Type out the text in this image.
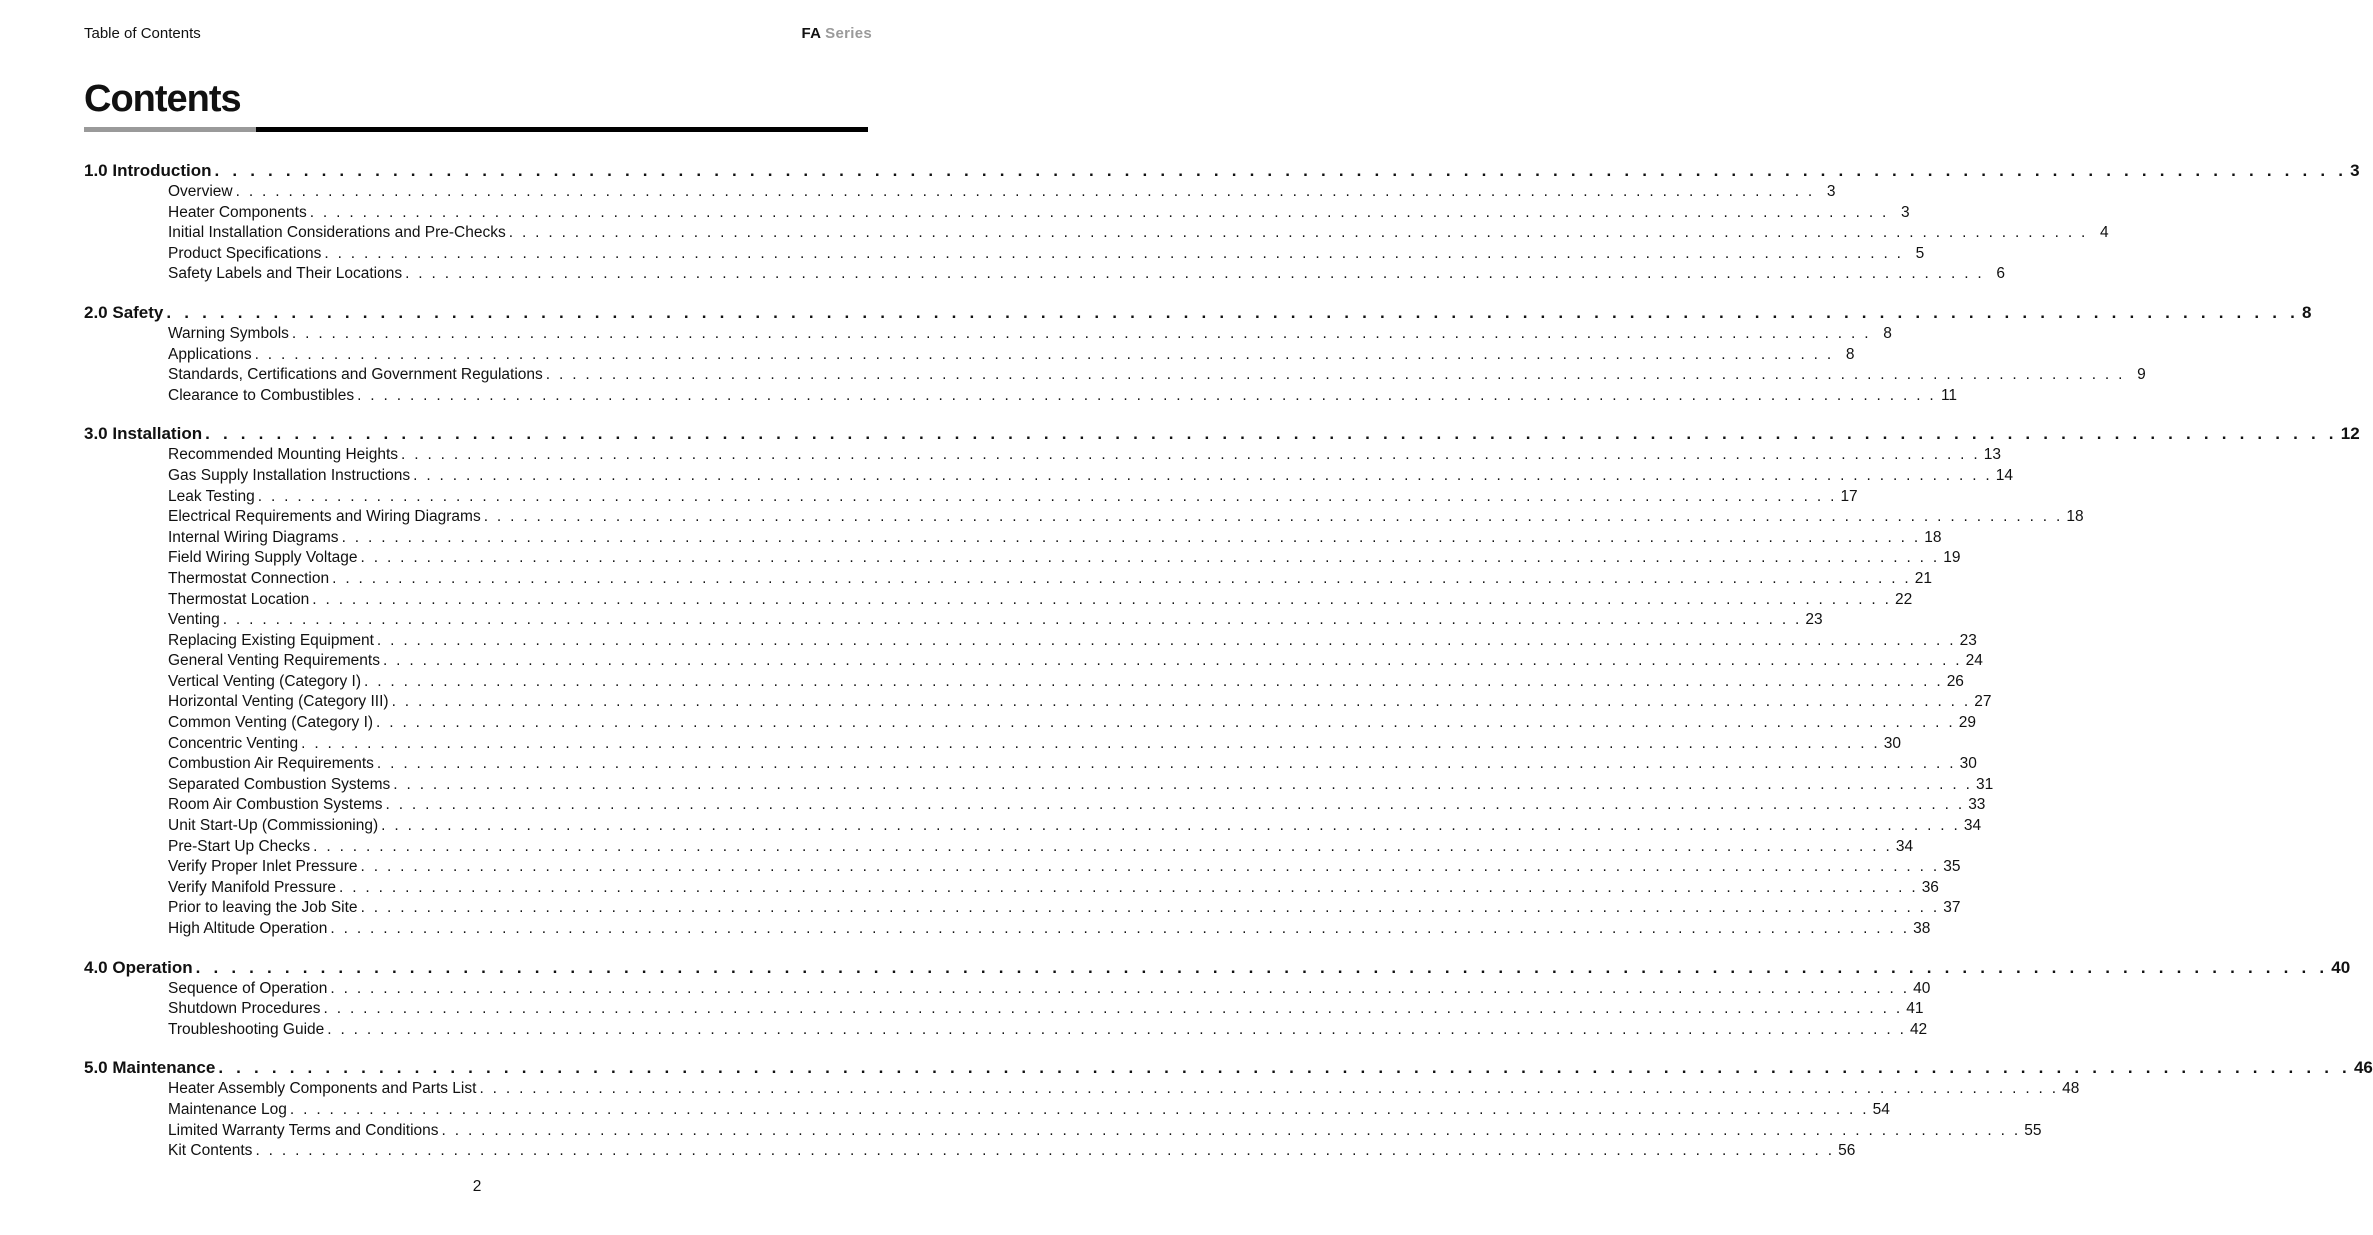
Table of Contents	FA Series
Contents
1.0 Introduction . . . . . . . . . . . . . . . . . . . . . . . . . . . . . . . . . . . . . . . . . . . . . . . . . . . . . . . . . . . . . . . . . . . . . . . . . . . . . . . . . . . . . . . . . . . . . . . . . . . . . . . . . . . . . . . . . . . . . . . . 3
Overview . . . . . . . . . . . . . . . . . . . . . . . . . . . . . . . . . . . . . . . . . . . . . . . . . . . . . . . . . . . . . . . . . . . . . . . . . . . . . . . . . . . . . . . . . . . . . . . . . . . . . . . . . . . . . . . . . . . . . . . . 3
Heater Components . . . . . . . . . . . . . . . . . . . . . . . . . . . . . . . . . . . . . . . . . . . . . . . . . . . . . . . . . . . . . . . . . . . . . . . . . . . . . . . . . . . . . . . . . . . . . . . . . . . . . . . . . . . . . . . . . . . . . . . . 3
Initial Installation Considerations and Pre-Checks . . . . . . . . . . . . . . . . . . . . . . . . . . . . . . . . . . . . . . . . . . . . . . . . . . . . . . . . . . . . . . . . . . . . . . . . . . . . . . . . . . . . . . . . . . . . . . . . . . . . . . . . . . . . . . . . . . . . . . . . 4
Product Specifications . . . . . . . . . . . . . . . . . . . . . . . . . . . . . . . . . . . . . . . . . . . . . . . . . . . . . . . . . . . . . . . . . . . . . . . . . . . . . . . . . . . . . . . . . . . . . . . . . . . . . . . . . . . . . . . . . . . . . . . . 5
Safety Labels and Their Locations . . . . . . . . . . . . . . . . . . . . . . . . . . . . . . . . . . . . . . . . . . . . . . . . . . . . . . . . . . . . . . . . . . . . . . . . . . . . . . . . . . . . . . . . . . . . . . . . . . . . . . . . . . . . . . . . . . . . . . . . 6
2.0 Safety . . . . . . . . . . . . . . . . . . . . . . . . . . . . . . . . . . . . . . . . . . . . . . . . . . . . . . . . . . . . . . . . . . . . . . . . . . . . . . . . . . . . . . . . . . . . . . . . . . . . . . . . . . . . . . . . . . . . . . . . 8
Warning Symbols . . . . . . . . . . . . . . . . . . . . . . . . . . . . . . . . . . . . . . . . . . . . . . . . . . . . . . . . . . . . . . . . . . . . . . . . . . . . . . . . . . . . . . . . . . . . . . . . . . . . . . . . . . . . . . . . . . . . . . . . 8
Applications . . . . . . . . . . . . . . . . . . . . . . . . . . . . . . . . . . . . . . . . . . . . . . . . . . . . . . . . . . . . . . . . . . . . . . . . . . . . . . . . . . . . . . . . . . . . . . . . . . . . . . . . . . . . . . . . . . . . . . . . 8
Standards, Certifications and Government Regulations . . . . . . . . . . . . . . . . . . . . . . . . . . . . . . . . . . . . . . . . . . . . . . . . . . . . . . . . . . . . . . . . . . . . . . . . . . . . . . . . . . . . . . . . . . . . . . . . . . . . . . . . . . . . . . . . . . . . . . . . 9
Clearance to Combustibles . . . . . . . . . . . . . . . . . . . . . . . . . . . . . . . . . . . . . . . . . . . . . . . . . . . . . . . . . . . . . . . . . . . . . . . . . . . . . . . . . . . . . . . . . . . . . . . . . . . . . . . . . . . . . . . . . . . . . . . . 11
3.0 Installation . . . . . . . . . . . . . . . . . . . . . . . . . . . . . . . . . . . . . . . . . . . . . . . . . . . . . . . . . . . . . . . . . . . . . . . . . . . . . . . . . . . . . . . . . . . . . . . . . . . . . . . . . . . . . . . . . . . . . . . . 12
Recommended Mounting Heights . . . . . . . . . . . . . . . . . . . . . . . . . . . . . . . . . . . . . . . . . . . . . . . . . . . . . . . . . . . . . . . . . . . . . . . . . . . . . . . . . . . . . . . . . . . . . . . . . . . . . . . . . . . . . . . . . . . . . . . . 13
Gas Supply Installation Instructions . . . . . . . . . . . . . . . . . . . . . . . . . . . . . . . . . . . . . . . . . . . . . . . . . . . . . . . . . . . . . . . . . . . . . . . . . . . . . . . . . . . . . . . . . . . . . . . . . . . . . . . . . . . . . . . . . . . . . . . . 14
Leak Testing . . . . . . . . . . . . . . . . . . . . . . . . . . . . . . . . . . . . . . . . . . . . . . . . . . . . . . . . . . . . . . . . . . . . . . . . . . . . . . . . . . . . . . . . . . . . . . . . . . . . . . . . . . . . . . . . . . . . . . . . 17
Electrical Requirements and Wiring Diagrams . . . . . . . . . . . . . . . . . . . . . . . . . . . . . . . . . . . . . . . . . . . . . . . . . . . . . . . . . . . . . . . . . . . . . . . . . . . . . . . . . . . . . . . . . . . . . . . . . . . . . . . . . . . . . . . . . . . . . . . . 18
Internal Wiring Diagrams . . . . . . . . . . . . . . . . . . . . . . . . . . . . . . . . . . . . . . . . . . . . . . . . . . . . . . . . . . . . . . . . . . . . . . . . . . . . . . . . . . . . . . . . . . . . . . . . . . . . . . . . . . . . . . . . . . . . . . . . 18
Field Wiring Supply Voltage . . . . . . . . . . . . . . . . . . . . . . . . . . . . . . . . . . . . . . . . . . . . . . . . . . . . . . . . . . . . . . . . . . . . . . . . . . . . . . . . . . . . . . . . . . . . . . . . . . . . . . . . . . . . . . . . . . . . . . . . 19
Thermostat Connection . . . . . . . . . . . . . . . . . . . . . . . . . . . . . . . . . . . . . . . . . . . . . . . . . . . . . . . . . . . . . . . . . . . . . . . . . . . . . . . . . . . . . . . . . . . . . . . . . . . . . . . . . . . . . . . . . . . . . . . . 21
Thermostat Location . . . . . . . . . . . . . . . . . . . . . . . . . . . . . . . . . . . . . . . . . . . . . . . . . . . . . . . . . . . . . . . . . . . . . . . . . . . . . . . . . . . . . . . . . . . . . . . . . . . . . . . . . . . . . . . . . . . . . . . . 22
Venting . . . . . . . . . . . . . . . . . . . . . . . . . . . . . . . . . . . . . . . . . . . . . . . . . . . . . . . . . . . . . . . . . . . . . . . . . . . . . . . . . . . . . . . . . . . . . . . . . . . . . . . . . . . . . . . . . . . . . . . . 23
Replacing Existing Equipment . . . . . . . . . . . . . . . . . . . . . . . . . . . . . . . . . . . . . . . . . . . . . . . . . . . . . . . . . . . . . . . . . . . . . . . . . . . . . . . . . . . . . . . . . . . . . . . . . . . . . . . . . . . . . . . . . . . . . . . . 23
General Venting Requirements . . . . . . . . . . . . . . . . . . . . . . . . . . . . . . . . . . . . . . . . . . . . . . . . . . . . . . . . . . . . . . . . . . . . . . . . . . . . . . . . . . . . . . . . . . . . . . . . . . . . . . . . . . . . . . . . . . . . . . . . 24
Vertical Venting (Category I) . . . . . . . . . . . . . . . . . . . . . . . . . . . . . . . . . . . . . . . . . . . . . . . . . . . . . . . . . . . . . . . . . . . . . . . . . . . . . . . . . . . . . . . . . . . . . . . . . . . . . . . . . . . . . . . . . . . . . . . . 26
Horizontal Venting (Category III) . . . . . . . . . . . . . . . . . . . . . . . . . . . . . . . . . . . . . . . . . . . . . . . . . . . . . . . . . . . . . . . . . . . . . . . . . . . . . . . . . . . . . . . . . . . . . . . . . . . . . . . . . . . . . . . . . . . . . . . . 27
Common Venting (Category I) . . . . . . . . . . . . . . . . . . . . . . . . . . . . . . . . . . . . . . . . . . . . . . . . . . . . . . . . . . . . . . . . . . . . . . . . . . . . . . . . . . . . . . . . . . . . . . . . . . . . . . . . . . . . . . . . . . . . . . . . 29
Concentric Venting . . . . . . . . . . . . . . . . . . . . . . . . . . . . . . . . . . . . . . . . . . . . . . . . . . . . . . . . . . . . . . . . . . . . . . . . . . . . . . . . . . . . . . . . . . . . . . . . . . . . . . . . . . . . . . . . . . . . . . . . 30
Combustion Air Requirements . . . . . . . . . . . . . . . . . . . . . . . . . . . . . . . . . . . . . . . . . . . . . . . . . . . . . . . . . . . . . . . . . . . . . . . . . . . . . . . . . . . . . . . . . . . . . . . . . . . . . . . . . . . . . . . . . . . . . . . . 30
Separated Combustion Systems . . . . . . . . . . . . . . . . . . . . . . . . . . . . . . . . . . . . . . . . . . . . . . . . . . . . . . . . . . . . . . . . . . . . . . . . . . . . . . . . . . . . . . . . . . . . . . . . . . . . . . . . . . . . . . . . . . . . . . . . 31
Room Air Combustion Systems . . . . . . . . . . . . . . . . . . . . . . . . . . . . . . . . . . . . . . . . . . . . . . . . . . . . . . . . . . . . . . . . . . . . . . . . . . . . . . . . . . . . . . . . . . . . . . . . . . . . . . . . . . . . . . . . . . . . . . . . 33
Unit Start-Up (Commissioning) . . . . . . . . . . . . . . . . . . . . . . . . . . . . . . . . . . . . . . . . . . . . . . . . . . . . . . . . . . . . . . . . . . . . . . . . . . . . . . . . . . . . . . . . . . . . . . . . . . . . . . . . . . . . . . . . . . . . . . . . 34
Pre-Start Up Checks . . . . . . . . . . . . . . . . . . . . . . . . . . . . . . . . . . . . . . . . . . . . . . . . . . . . . . . . . . . . . . . . . . . . . . . . . . . . . . . . . . . . . . . . . . . . . . . . . . . . . . . . . . . . . . . . . . . . . . . . 34
Verify Proper Inlet Pressure . . . . . . . . . . . . . . . . . . . . . . . . . . . . . . . . . . . . . . . . . . . . . . . . . . . . . . . . . . . . . . . . . . . . . . . . . . . . . . . . . . . . . . . . . . . . . . . . . . . . . . . . . . . . . . . . . . . . . . . . 35
Verify Manifold Pressure . . . . . . . . . . . . . . . . . . . . . . . . . . . . . . . . . . . . . . . . . . . . . . . . . . . . . . . . . . . . . . . . . . . . . . . . . . . . . . . . . . . . . . . . . . . . . . . . . . . . . . . . . . . . . . . . . . . . . . . . 36
Prior to leaving the Job Site . . . . . . . . . . . . . . . . . . . . . . . . . . . . . . . . . . . . . . . . . . . . . . . . . . . . . . . . . . . . . . . . . . . . . . . . . . . . . . . . . . . . . . . . . . . . . . . . . . . . . . . . . . . . . . . . . . . . . . . . 37
High Altitude Operation . . . . . . . . . . . . . . . . . . . . . . . . . . . . . . . . . . . . . . . . . . . . . . . . . . . . . . . . . . . . . . . . . . . . . . . . . . . . . . . . . . . . . . . . . . . . . . . . . . . . . . . . . . . . . . . . . . . . . . . . 38
4.0 Operation . . . . . . . . . . . . . . . . . . . . . . . . . . . . . . . . . . . . . . . . . . . . . . . . . . . . . . . . . . . . . . . . . . . . . . . . . . . . . . . . . . . . . . . . . . . . . . . . . . . . . . . . . . . . . . . . . . . . . . . . 40
Sequence of Operation . . . . . . . . . . . . . . . . . . . . . . . . . . . . . . . . . . . . . . . . . . . . . . . . . . . . . . . . . . . . . . . . . . . . . . . . . . . . . . . . . . . . . . . . . . . . . . . . . . . . . . . . . . . . . . . . . . . . . . . . 40
Shutdown Procedures . . . . . . . . . . . . . . . . . . . . . . . . . . . . . . . . . . . . . . . . . . . . . . . . . . . . . . . . . . . . . . . . . . . . . . . . . . . . . . . . . . . . . . . . . . . . . . . . . . . . . . . . . . . . . . . . . . . . . . . . 41
Troubleshooting Guide . . . . . . . . . . . . . . . . . . . . . . . . . . . . . . . . . . . . . . . . . . . . . . . . . . . . . . . . . . . . . . . . . . . . . . . . . . . . . . . . . . . . . . . . . . . . . . . . . . . . . . . . . . . . . . . . . . . . . . . . 42
5.0 Maintenance . . . . . . . . . . . . . . . . . . . . . . . . . . . . . . . . . . . . . . . . . . . . . . . . . . . . . . . . . . . . . . . . . . . . . . . . . . . . . . . . . . . . . . . . . . . . . . . . . . . . . . . . . . . . . . . . . . . . . . . . 46
Heater Assembly Components and Parts List . . . . . . . . . . . . . . . . . . . . . . . . . . . . . . . . . . . . . . . . . . . . . . . . . . . . . . . . . . . . . . . . . . . . . . . . . . . . . . . . . . . . . . . . . . . . . . . . . . . . . . . . . . . . . . . . . . . . . . . . 48
Maintenance Log . . . . . . . . . . . . . . . . . . . . . . . . . . . . . . . . . . . . . . . . . . . . . . . . . . . . . . . . . . . . . . . . . . . . . . . . . . . . . . . . . . . . . . . . . . . . . . . . . . . . . . . . . . . . . . . . . . . . . . . . 54
Limited Warranty Terms and Conditions . . . . . . . . . . . . . . . . . . . . . . . . . . . . . . . . . . . . . . . . . . . . . . . . . . . . . . . . . . . . . . . . . . . . . . . . . . . . . . . . . . . . . . . . . . . . . . . . . . . . . . . . . . . . . . . . . . . . . . . . 55
Kit Contents . . . . . . . . . . . . . . . . . . . . . . . . . . . . . . . . . . . . . . . . . . . . . . . . . . . . . . . . . . . . . . . . . . . . . . . . . . . . . . . . . . . . . . . . . . . . . . . . . . . . . . . . . . . . . . . . . . . . . . . . 56
2
